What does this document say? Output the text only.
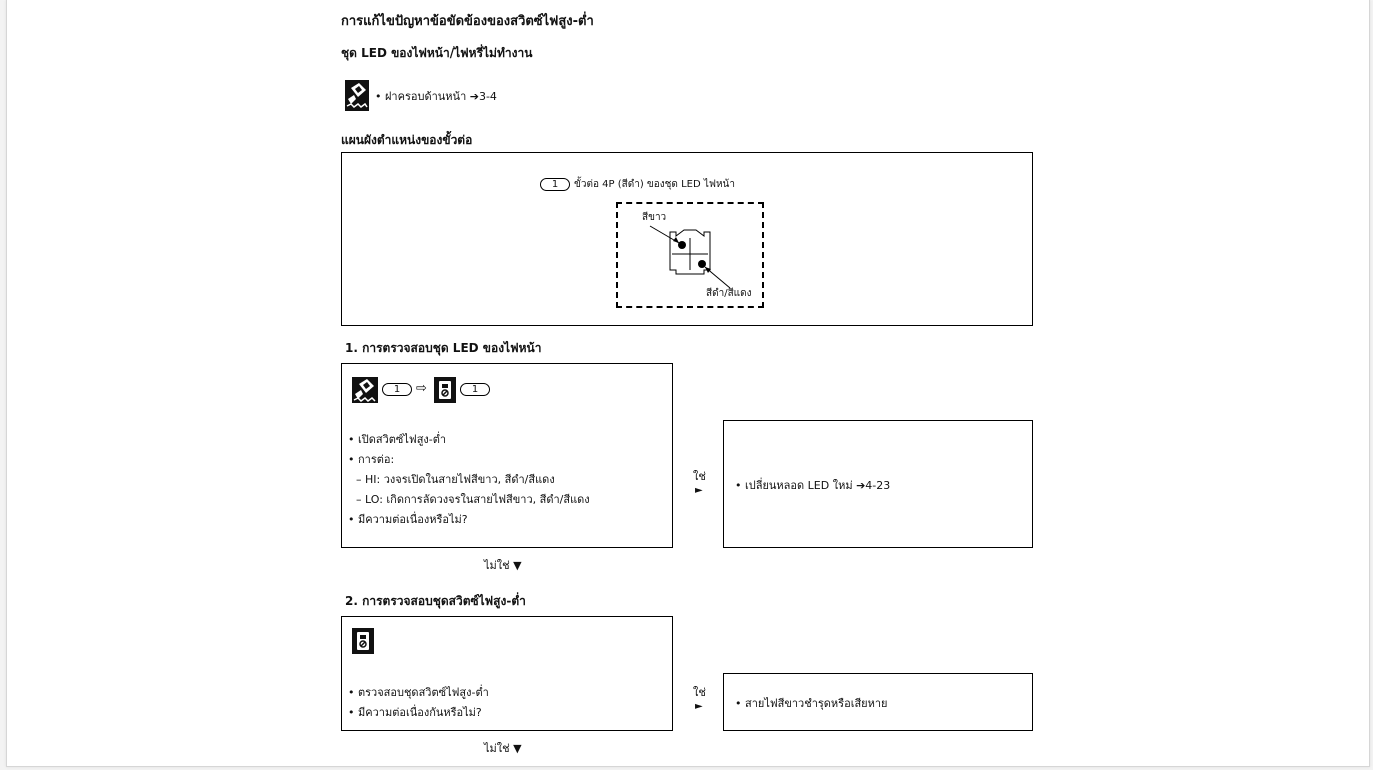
การแก้ไขปัญหาข้อขัดข้องของสวิตซ์ไฟสูง-ต่ำ
ชุด LED ของไฟหน้า/ไฟหรี่ไม่ทำงาน
• ฝาครอบด้านหน้า ➔3-4
แผนผังตำแหน่งของขั้วต่อ
1	ขั้วต่อ 4P (สีดำ) ของชุด LED ไฟหน้า
สีขาว
สีดำ/สีแดง
1. การตรวจสอบชุด LED ของไฟหน้า
1	⇨	1
• เปิดสวิตซ์ไฟสูง-ต่ำ
• การต่อ:
– HI: วงจรเปิดในสายไฟสีขาว, สีดำ/สีแดง
– LO: เกิดการลัดวงจรในสายไฟสีขาว, สีดำ/สีแดง
• มีความต่อเนื่องหรือไม่?
ใช่
►	• เปลี่ยนหลอด LED ใหม่ ➔4-23
ไม่ใช่ ▼
2. การตรวจสอบชุดสวิตซ์ไฟสูง-ต่ำ
• ตรวจสอบชุดสวิตซ์ไฟสูง-ต่ำ
• มีความต่อเนื่องกันหรือไม่?
ใช่
►	• สายไฟสีขาวชำรุดหรือเสียหาย
ไม่ใช่ ▼
